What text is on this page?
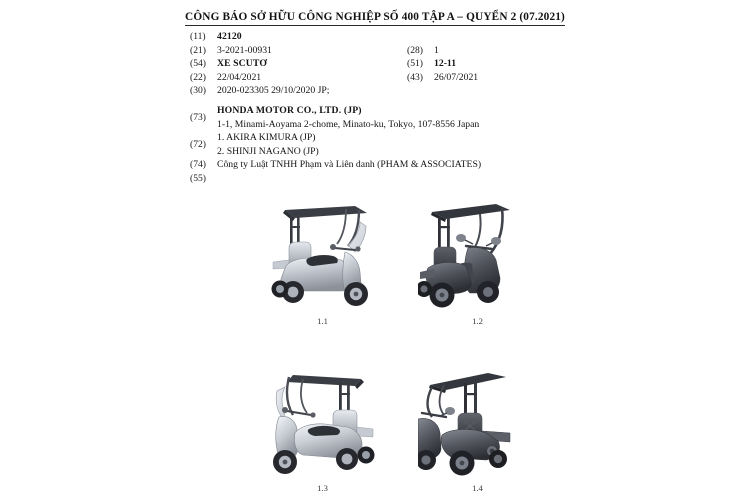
CÔNG BÁO SỞ HỮU CÔNG NGHIỆP SỐ 400 TẬP A – QUYỂN 2 (07.2021)
(11)	42120
(21)	3-2021-00931	(28)	1
(54)	XE SCUTƠ	(51)	12-11
(22)	22/04/2021	(43)	26/07/2021
(30)	2020-023305 29/10/2020 JP;
(73)
HONDA MOTOR CO., LTD. (JP)
1-1, Minami-Aoyama 2-chome, Minato-ku, Tokyo, 107-8556 Japan
(72)
1. AKIRA KIMURA (JP)
2. SHINJI NAGANO (JP)
(74)	Công ty Luật TNHH Phạm và Liên danh (PHAM & ASSOCIATES)
(55)
1.1	1.2
1.3	1.4
